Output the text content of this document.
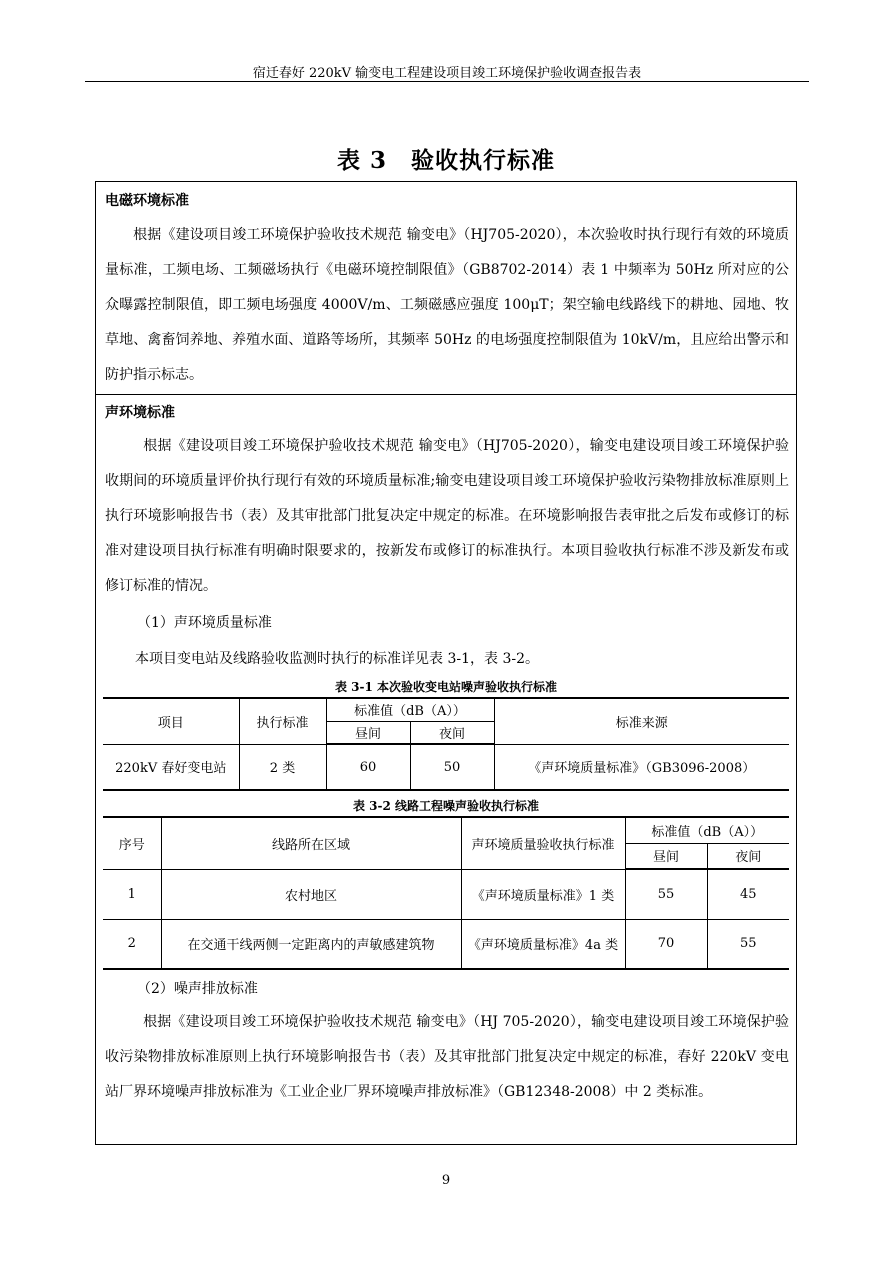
宿迁春好 220kV 输变电工程建设项目竣工环境保护验收调查报告表
表 3　验收执行标准
电磁环境标准
根据《建设项目竣工环境保护验收技术规范 输变电》（HJ705-2020），本次验收时执行现行有效的环境质量标准，工频电场、工频磁场执行《电磁环境控制限值》（GB8702-2014）表 1 中频率为 50Hz 所对应的公众曝露控制限值，即工频电场强度 4000V/m、工频磁感应强度 100μT；架空输电线路线下的耕地、园地、牧草地、禽畜饲养地、养殖水面、道路等场所，其频率 50Hz 的电场强度控制限值为 10kV/m，且应给出警示和防护指示标志。
声环境标准
根据《建设项目竣工环境保护验收技术规范 输变电》（HJ705-2020），输变电建设项目竣工环境保护验收期间的环境质量评价执行现行有效的环境质量标准;输变电建设项目竣工环境保护验收污染物排放标准原则上执行环境影响报告书（表）及其审批部门批复决定中规定的标准。在环境影响报告表审批之后发布或修订的标准对建设项目执行标准有明确时限要求的，按新发布或修订的标准执行。本项目验收执行标准不涉及新发布或修订标准的情况。
（1）声环境质量标准
本项目变电站及线路验收监测时执行的标准详见表 3-1，表 3-2。
表 3-1 本次验收变电站噪声验收执行标准
项目	执行标准	标准值（dB（A））		标准来源
		昼间	夜间	
220kV 春好变电站	2 类	60	50	《声环境质量标准》（GB3096-2008）
表 3-2 线路工程噪声验收执行标准
序号	线路所在区域	声环境质量验收执行标准	标准值（dB（A））	
			昼间	夜间
1	农村地区	《声环境质量标准》1 类	55	45
2	在交通干线两侧一定距离内的声敏感建筑物	《声环境质量标准》4a 类	70	55
（2）噪声排放标准
根据《建设项目竣工环境保护验收技术规范 输变电》（HJ 705-2020），输变电建设项目竣工环境保护验收污染物排放标准原则上执行环境影响报告书（表）及其审批部门批复决定中规定的标准，春好 220kV 变电站厂界环境噪声排放标准为《工业企业厂界环境噪声排放标准》（GB12348-2008）中 2 类标准。
9
